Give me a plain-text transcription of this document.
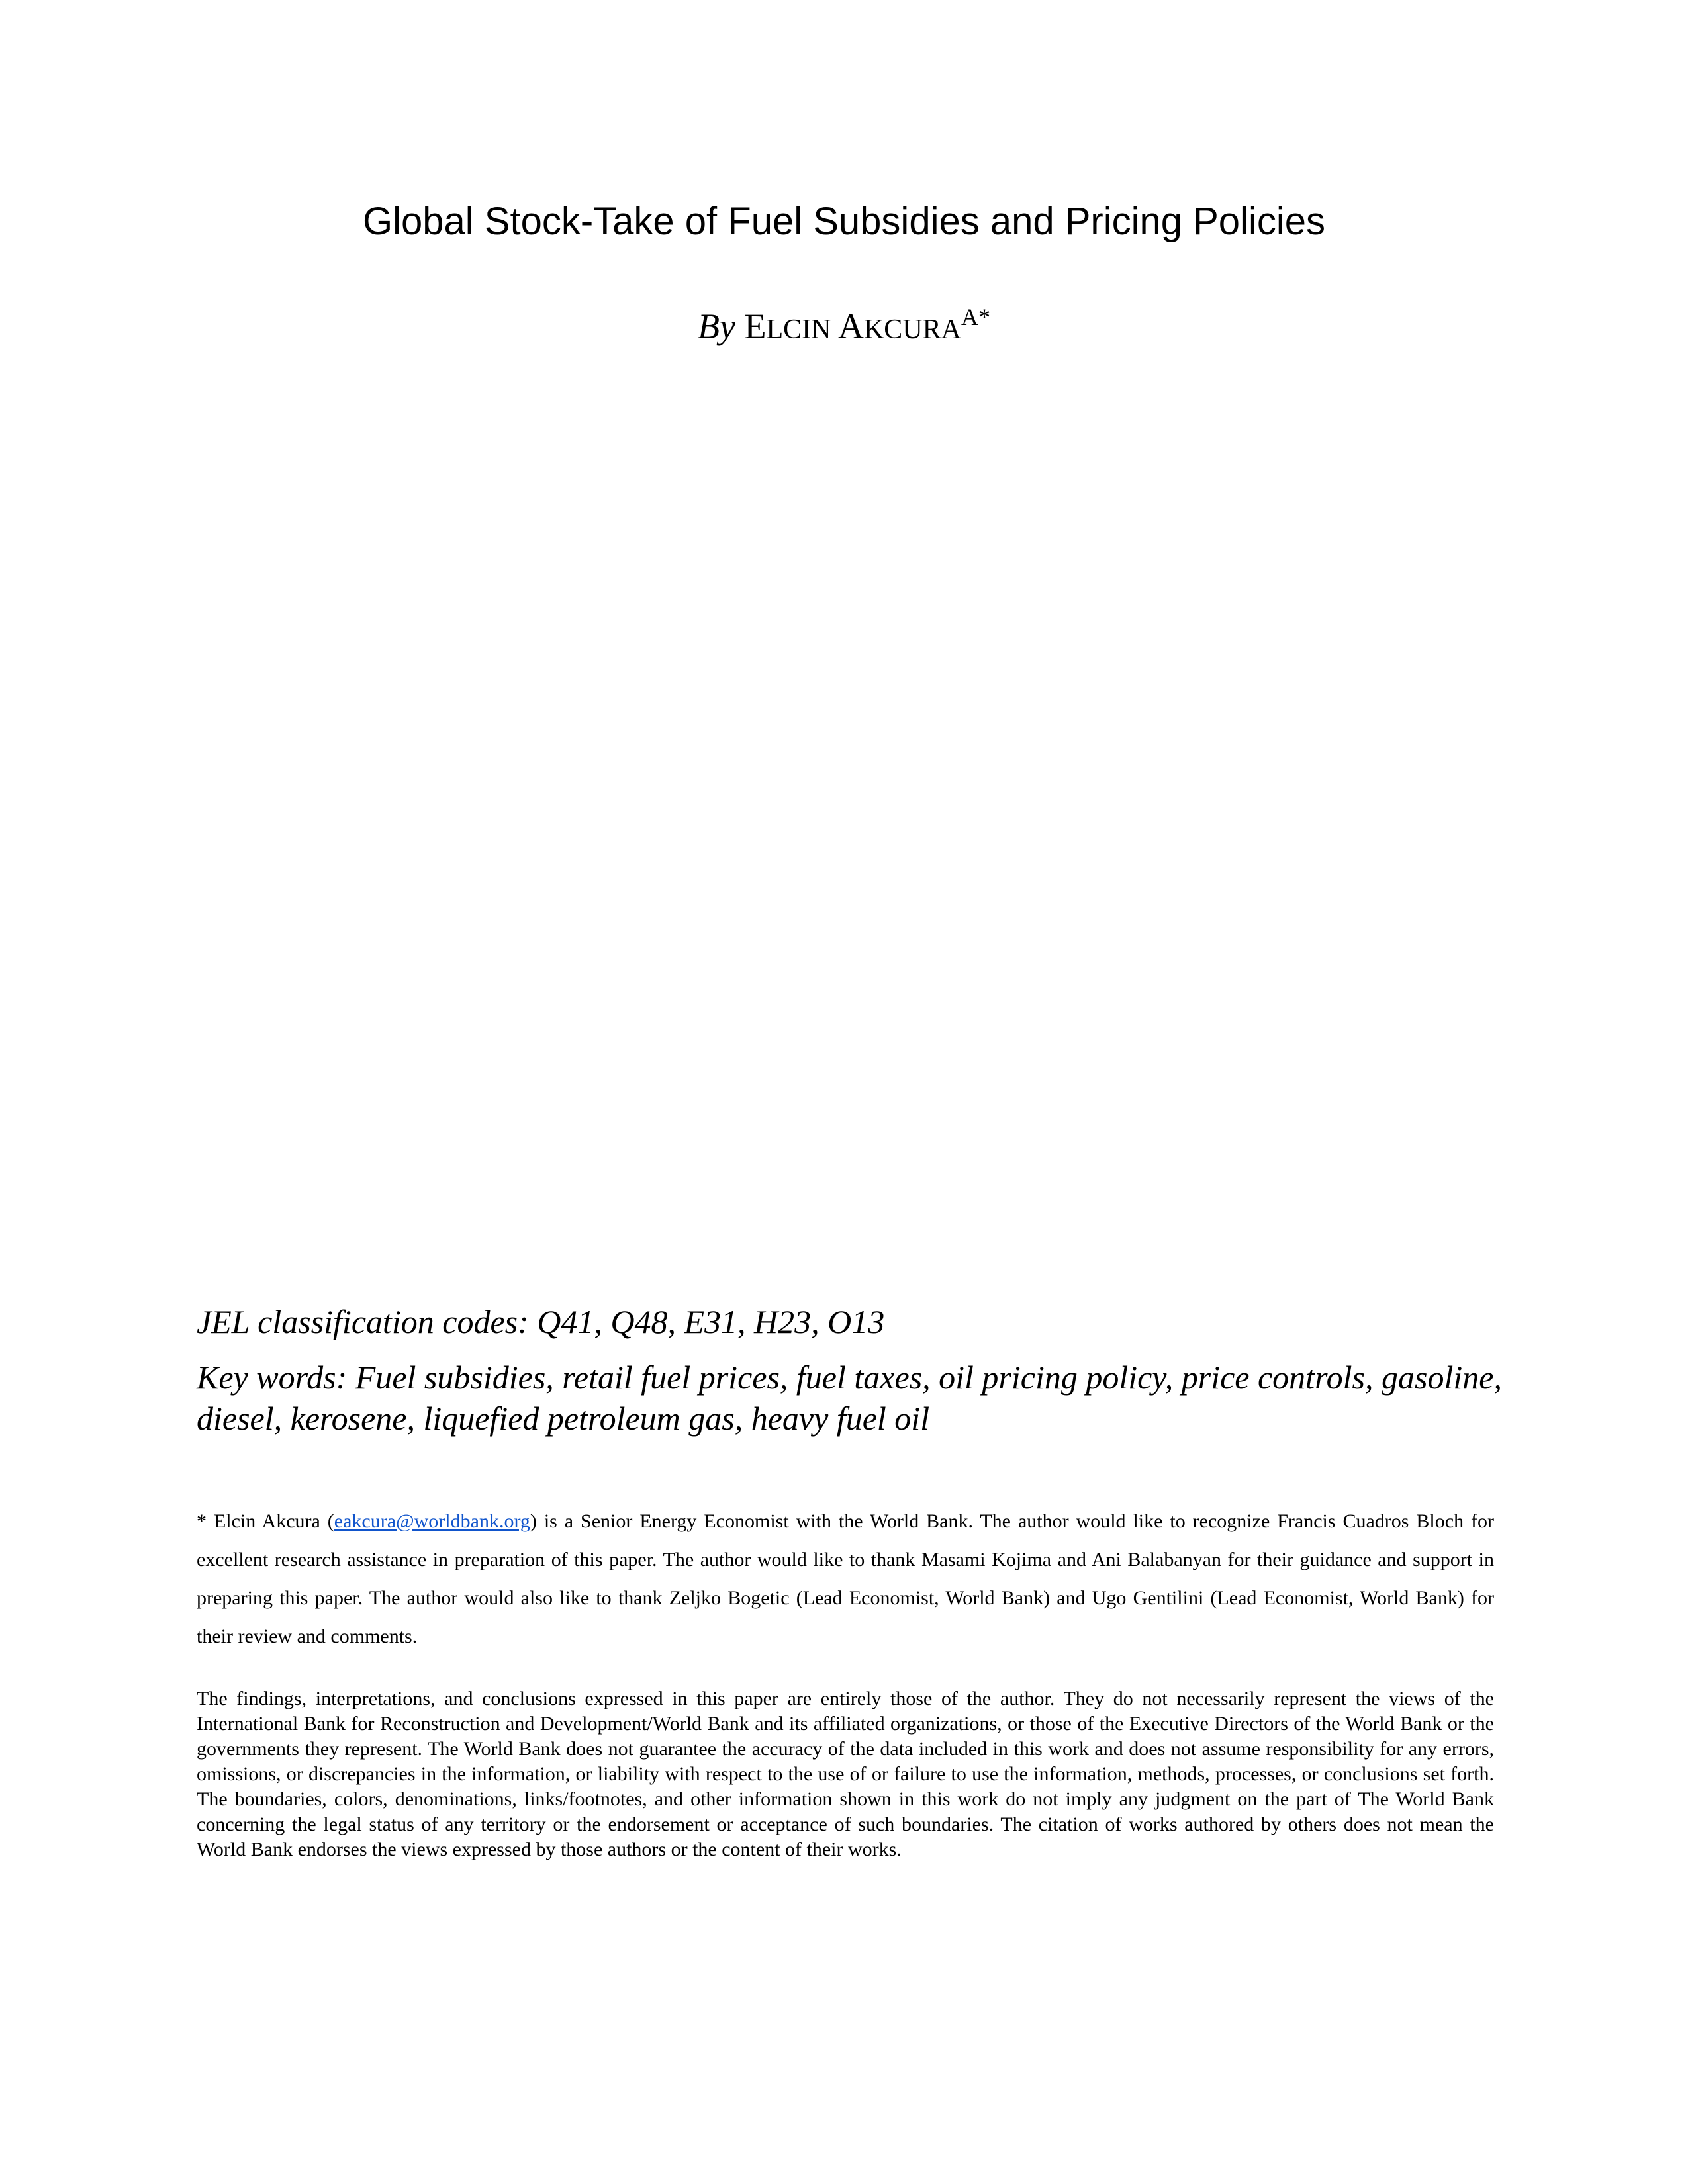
Global Stock-Take of Fuel Subsidies and Pricing Policies
By ELCIN $AKCURA^{A*}$
JEL classification codes: Q41, Q48, E31, H23, O13
Key words: Fuel subsidies, retail fuel prices, fuel taxes, oil pricing policy, price controls, gasoline, diesel, kerosene, liquefied petroleum gas, heavy fuel oil
* Elcin Akcura (eakcura@worldbank.org) is a Senior Energy Economist with the World Bank. The author would like to recognize Francis Cuadros Bloch for excellent research assistance in preparation of this paper. The author would like to thank Masami Kojima and Ani Balabanyan for their guidance and support in preparing this paper. The author would also like to thank Zeljko Bogetic (Lead Economist, World Bank) and Ugo Gentilini (Lead Economist, World Bank) for their review and comments.
The findings, interpretations, and conclusions expressed in this paper are entirely those of the author. They do not necessarily represent the views of the International Bank for Reconstruction and Development/World Bank and its affiliated organizations, or those of the Executive Directors of the World Bank or the governments they represent. The World Bank does not guarantee the accuracy of the data included in this work and does not assume responsibility for any errors, omissions, or discrepancies in the information, or liability with respect to the use of or failure to use the information, methods, processes, or conclusions set forth. The boundaries, colors, denominations, links/footnotes, and other information shown in this work do not imply any judgment on the part of The World Bank concerning the legal status of any territory or the endorsement or acceptance of such boundaries. The citation of works authored by others does not mean the World Bank endorses the views expressed by those authors or the content of their works.
